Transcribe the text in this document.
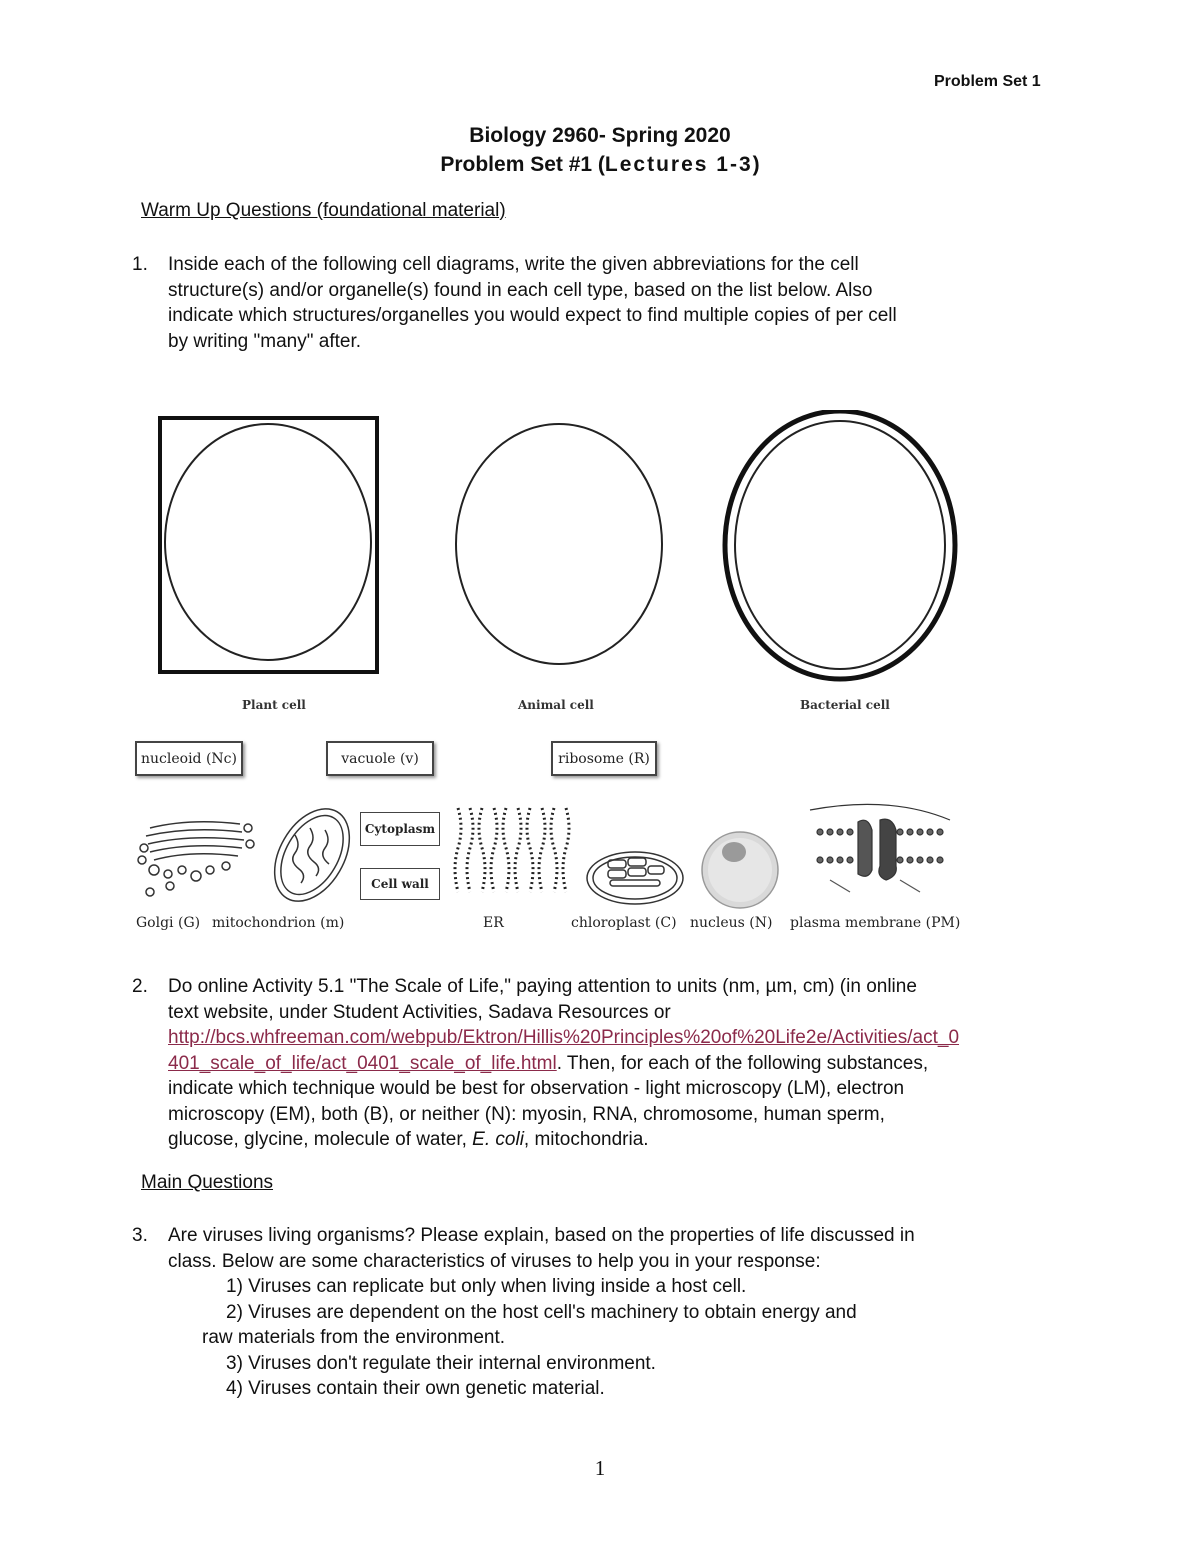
Problem Set 1
Biology 2960- Spring 2020
Problem Set #1 (Lectures 1-3)
Warm Up Questions (foundational material)
1. Inside each of the following cell diagrams, write the given abbreviations for the cell
structure(s) and/or organelle(s) found in each cell type, based on the list below. Also
indicate which structures/organelles you would expect to find multiple copies of per cell
by writing "many" after.
Plant cell	Animal cell	Bacterial cell
nucleoid (Nc)	vacuole (v)	ribosome (R)
Cytoplasm
Cell wall
Golgi (G) mitochondrion (m)	ER	chloroplast (C) nucleus (N) plasma membrane (PM)
2. Do online Activity 5.1 "The Scale of Life," paying attention to units (nm, µm, cm) (in online
text website, under Student Activities, Sadava Resources or
http://bcs.whfreeman.com/webpub/Ektron/Hillis%20Principles%20of%20Life2e/Activities/act_0
401_scale_of_life/act_0401_scale_of_life.html. Then, for each of the following substances,
indicate which technique would be best for observation - light microscopy (LM), electron
microscopy (EM), both (B), or neither (N): myosin, RNA, chromosome, human sperm,
glucose, glycine, molecule of water, E. coli, mitochondria.
Main Questions
3. Are viruses living organisms? Please explain, based on the properties of life discussed in
class. Below are some characteristics of viruses to help you in your response:
1) Viruses can replicate but only when living inside a host cell.
2) Viruses are dependent on the host cell's machinery to obtain energy and
raw materials from the environment.
3) Viruses don't regulate their internal environment.
4) Viruses contain their own genetic material.
1
